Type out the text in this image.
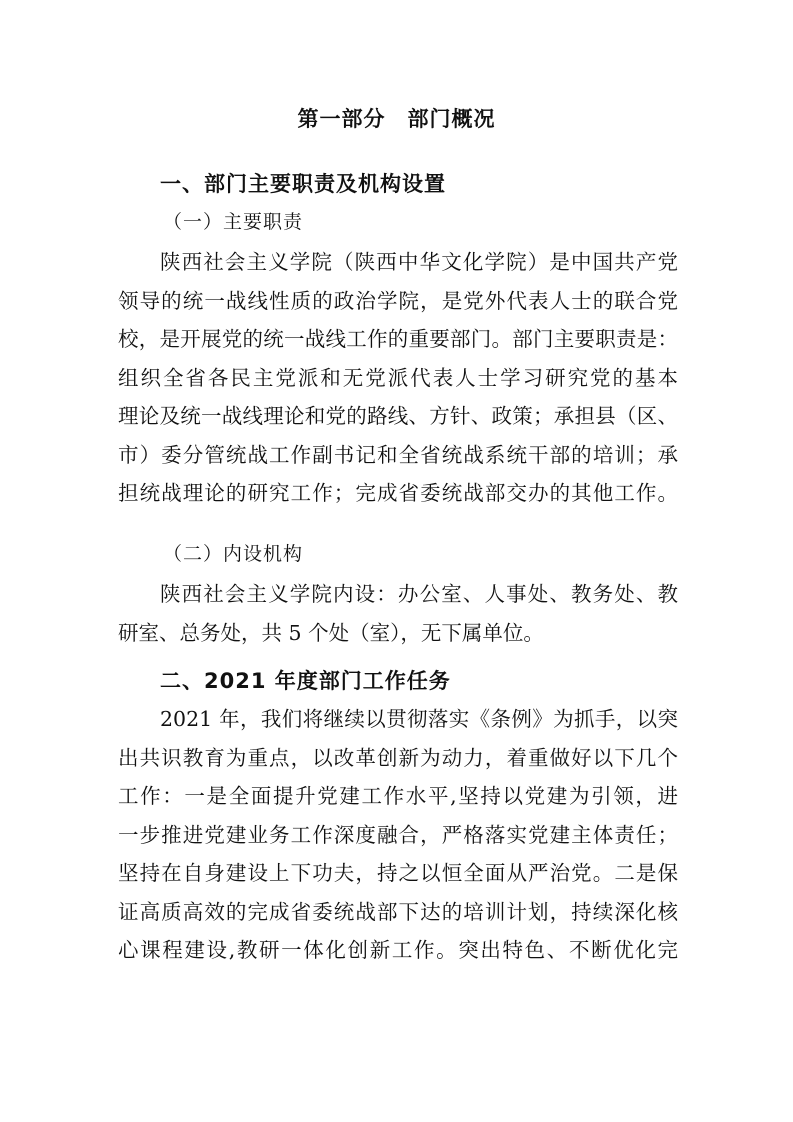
第一部分　部门概况
一、部门主要职责及机构设置
（一）主要职责
陕西社会主义学院（陕西中华文化学院）是中国共产党
领导的统一战线性质的政治学院，是党外代表人士的联合党
校，是开展党的统一战线工作的重要部门。部门主要职责是：
组织全省各民主党派和无党派代表人士学习研究党的基本
理论及统一战线理论和党的路线、方针、政策；承担县（区、
市）委分管统战工作副书记和全省统战系统干部的培训；承
担统战理论的研究工作；完成省委统战部交办的其他工作。
（二）内设机构
陕西社会主义学院内设：办公室、人事处、教务处、教
研室、总务处，共 5 个处（室），无下属单位。
二、2021 年度部门工作任务
2021 年，我们将继续以贯彻落实《条例》为抓手，以突
出共识教育为重点，以改革创新为动力，着重做好以下几个
工作：一是全面提升党建工作水平,坚持以党建为引领，进
一步推进党建业务工作深度融合，严格落实党建主体责任；
坚持在自身建设上下功夫，持之以恒全面从严治党。二是保
证高质高效的完成省委统战部下达的培训计划，持续深化核
心课程建设,教研一体化创新工作。突出特色、不断优化完
